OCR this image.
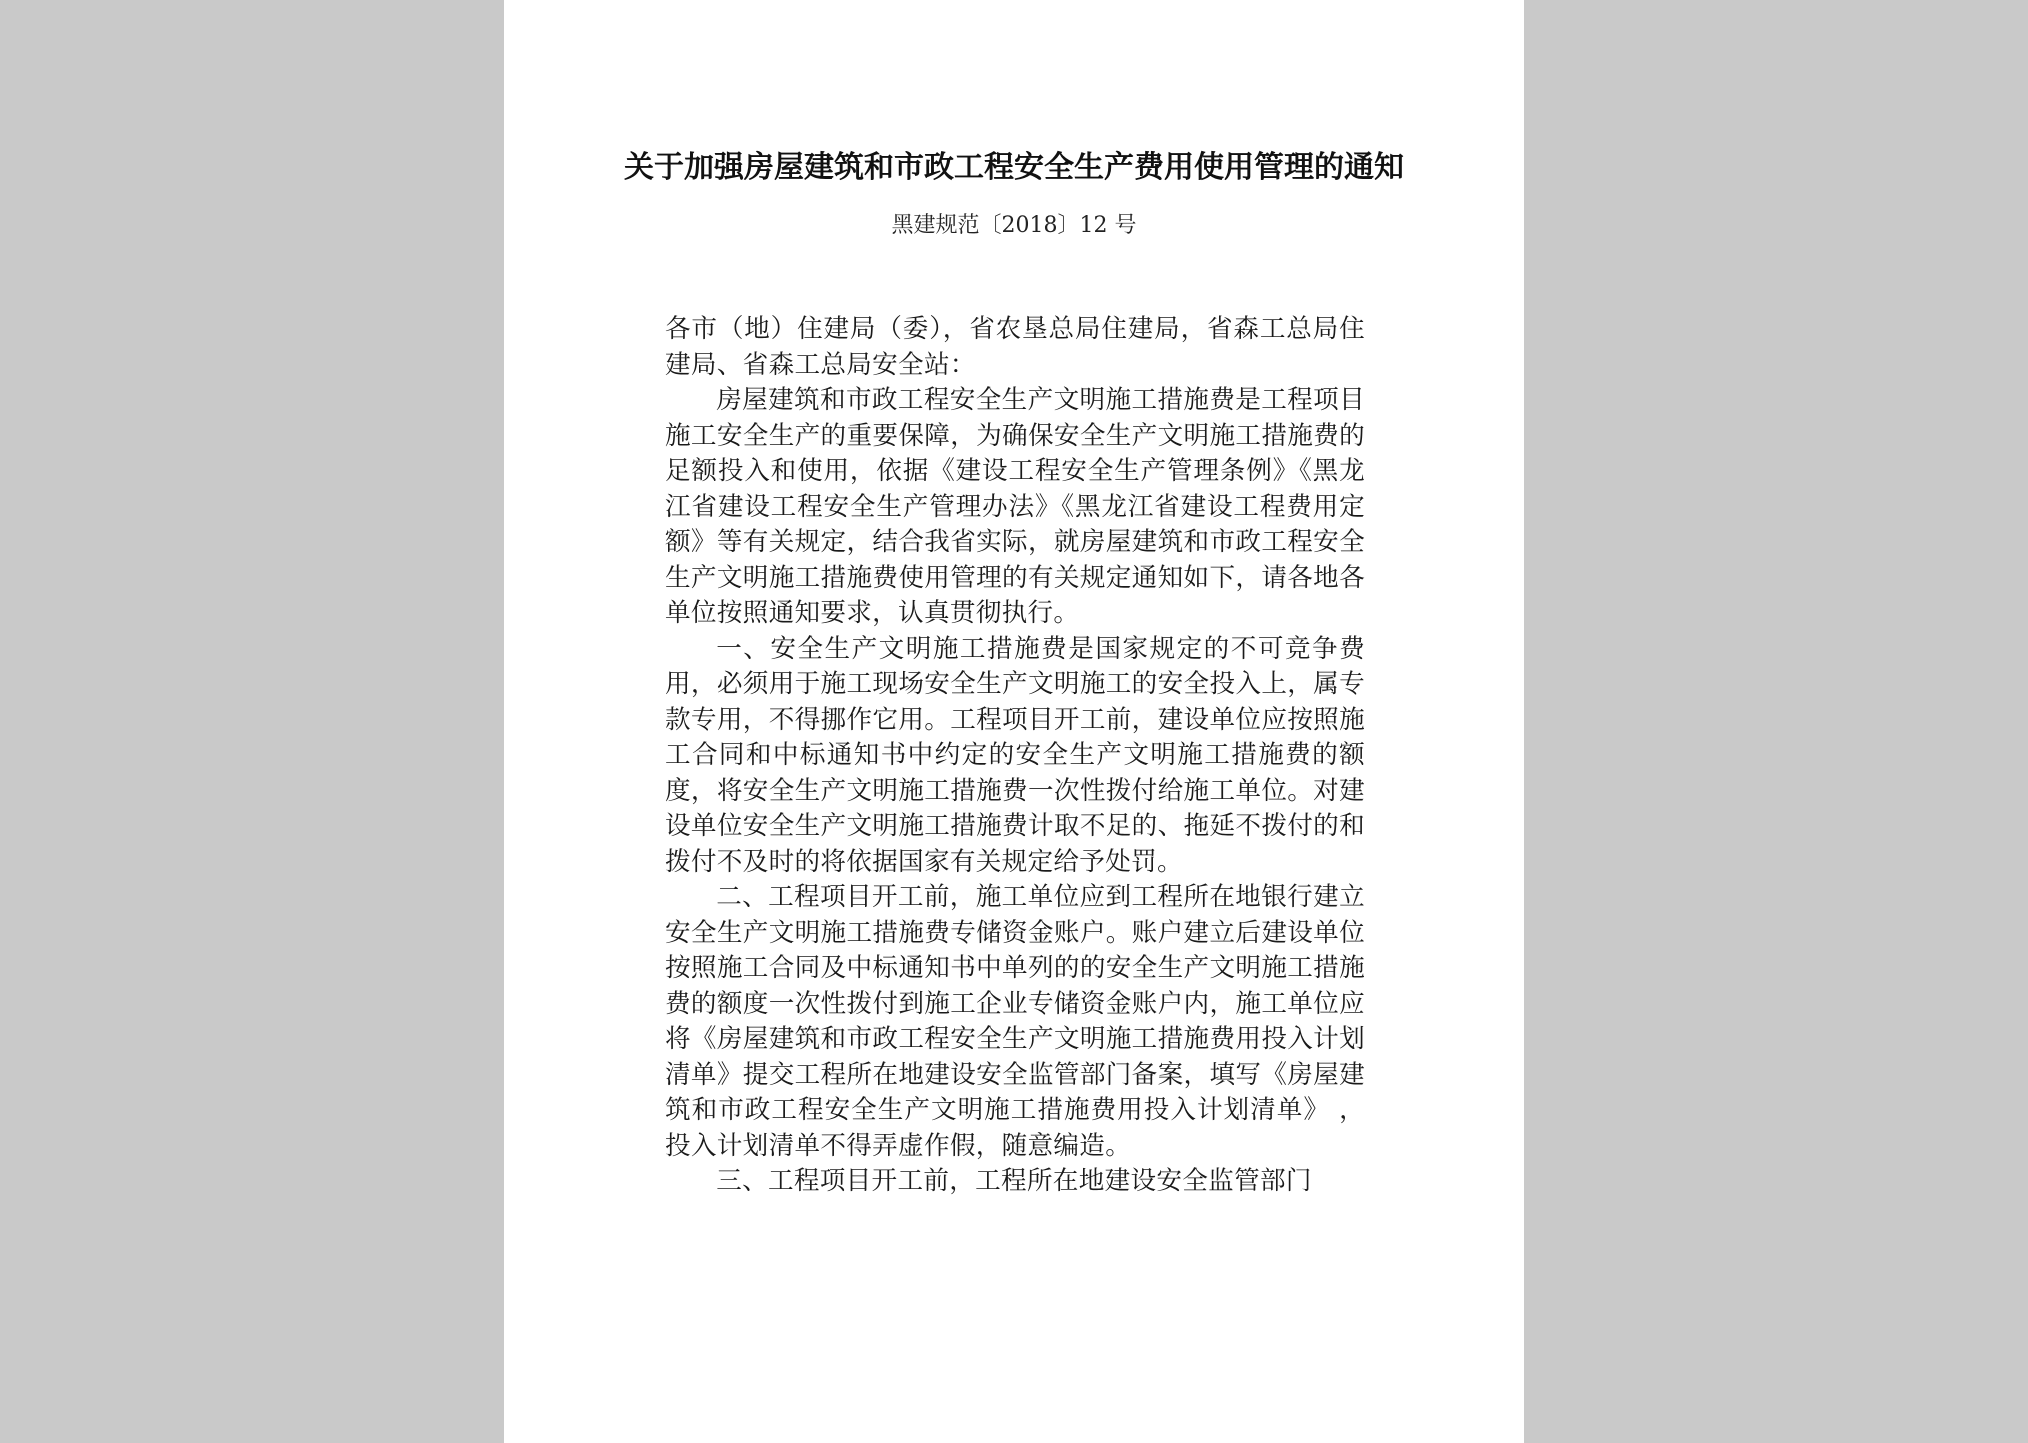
关于加强房屋建筑和市政工程安全生产费用使用管理的通知
黑建规范〔2018〕12 号

各市（地）住建局（委），省农垦总局住建局，省森工总局住建局、省森工总局安全站：

房屋建筑和市政工程安全生产文明施工措施费是工程项目施工安全生产的重要保障，为确保安全生产文明施工措施费的足额投入和使用，依据《建设工程安全生产管理条例》《黑龙江省建设工程安全生产管理办法》《黑龙江省建设工程费用定额》等有关规定，结合我省实际，就房屋建筑和市政工程安全生产文明施工措施费使用管理的有关规定通知如下，请各地各单位按照通知要求，认真贯彻执行。

一、安全生产文明施工措施费是国家规定的不可竞争费用，必须用于施工现场安全生产文明施工的安全投入上，属专款专用，不得挪作它用。工程项目开工前，建设单位应按照施工合同和中标通知书中约定的安全生产文明施工措施费的额度，将安全生产文明施工措施费一次性拨付给施工单位。对建设单位安全生产文明施工措施费计取不足的、拖延不拨付的和拨付不及时的将依据国家有关规定给予处罚。

二、工程项目开工前，施工单位应到工程所在地银行建立安全生产文明施工措施费专储资金账户。账户建立后建设单位按照施工合同及中标通知书中单列的的安全生产文明施工措施费的额度一次性拨付到施工企业专储资金账户内，施工单位应将《房屋建筑和市政工程安全生产文明施工措施费用投入计划清单》提交工程所在地建设安全监管部门备案，填写《房屋建筑和市政工程安全生产文明施工措施费用投入计划清单》 ，投入计划清单不得弄虚作假，随意编造。

三、工程项目开工前，工程所在地建设安全监管部门
